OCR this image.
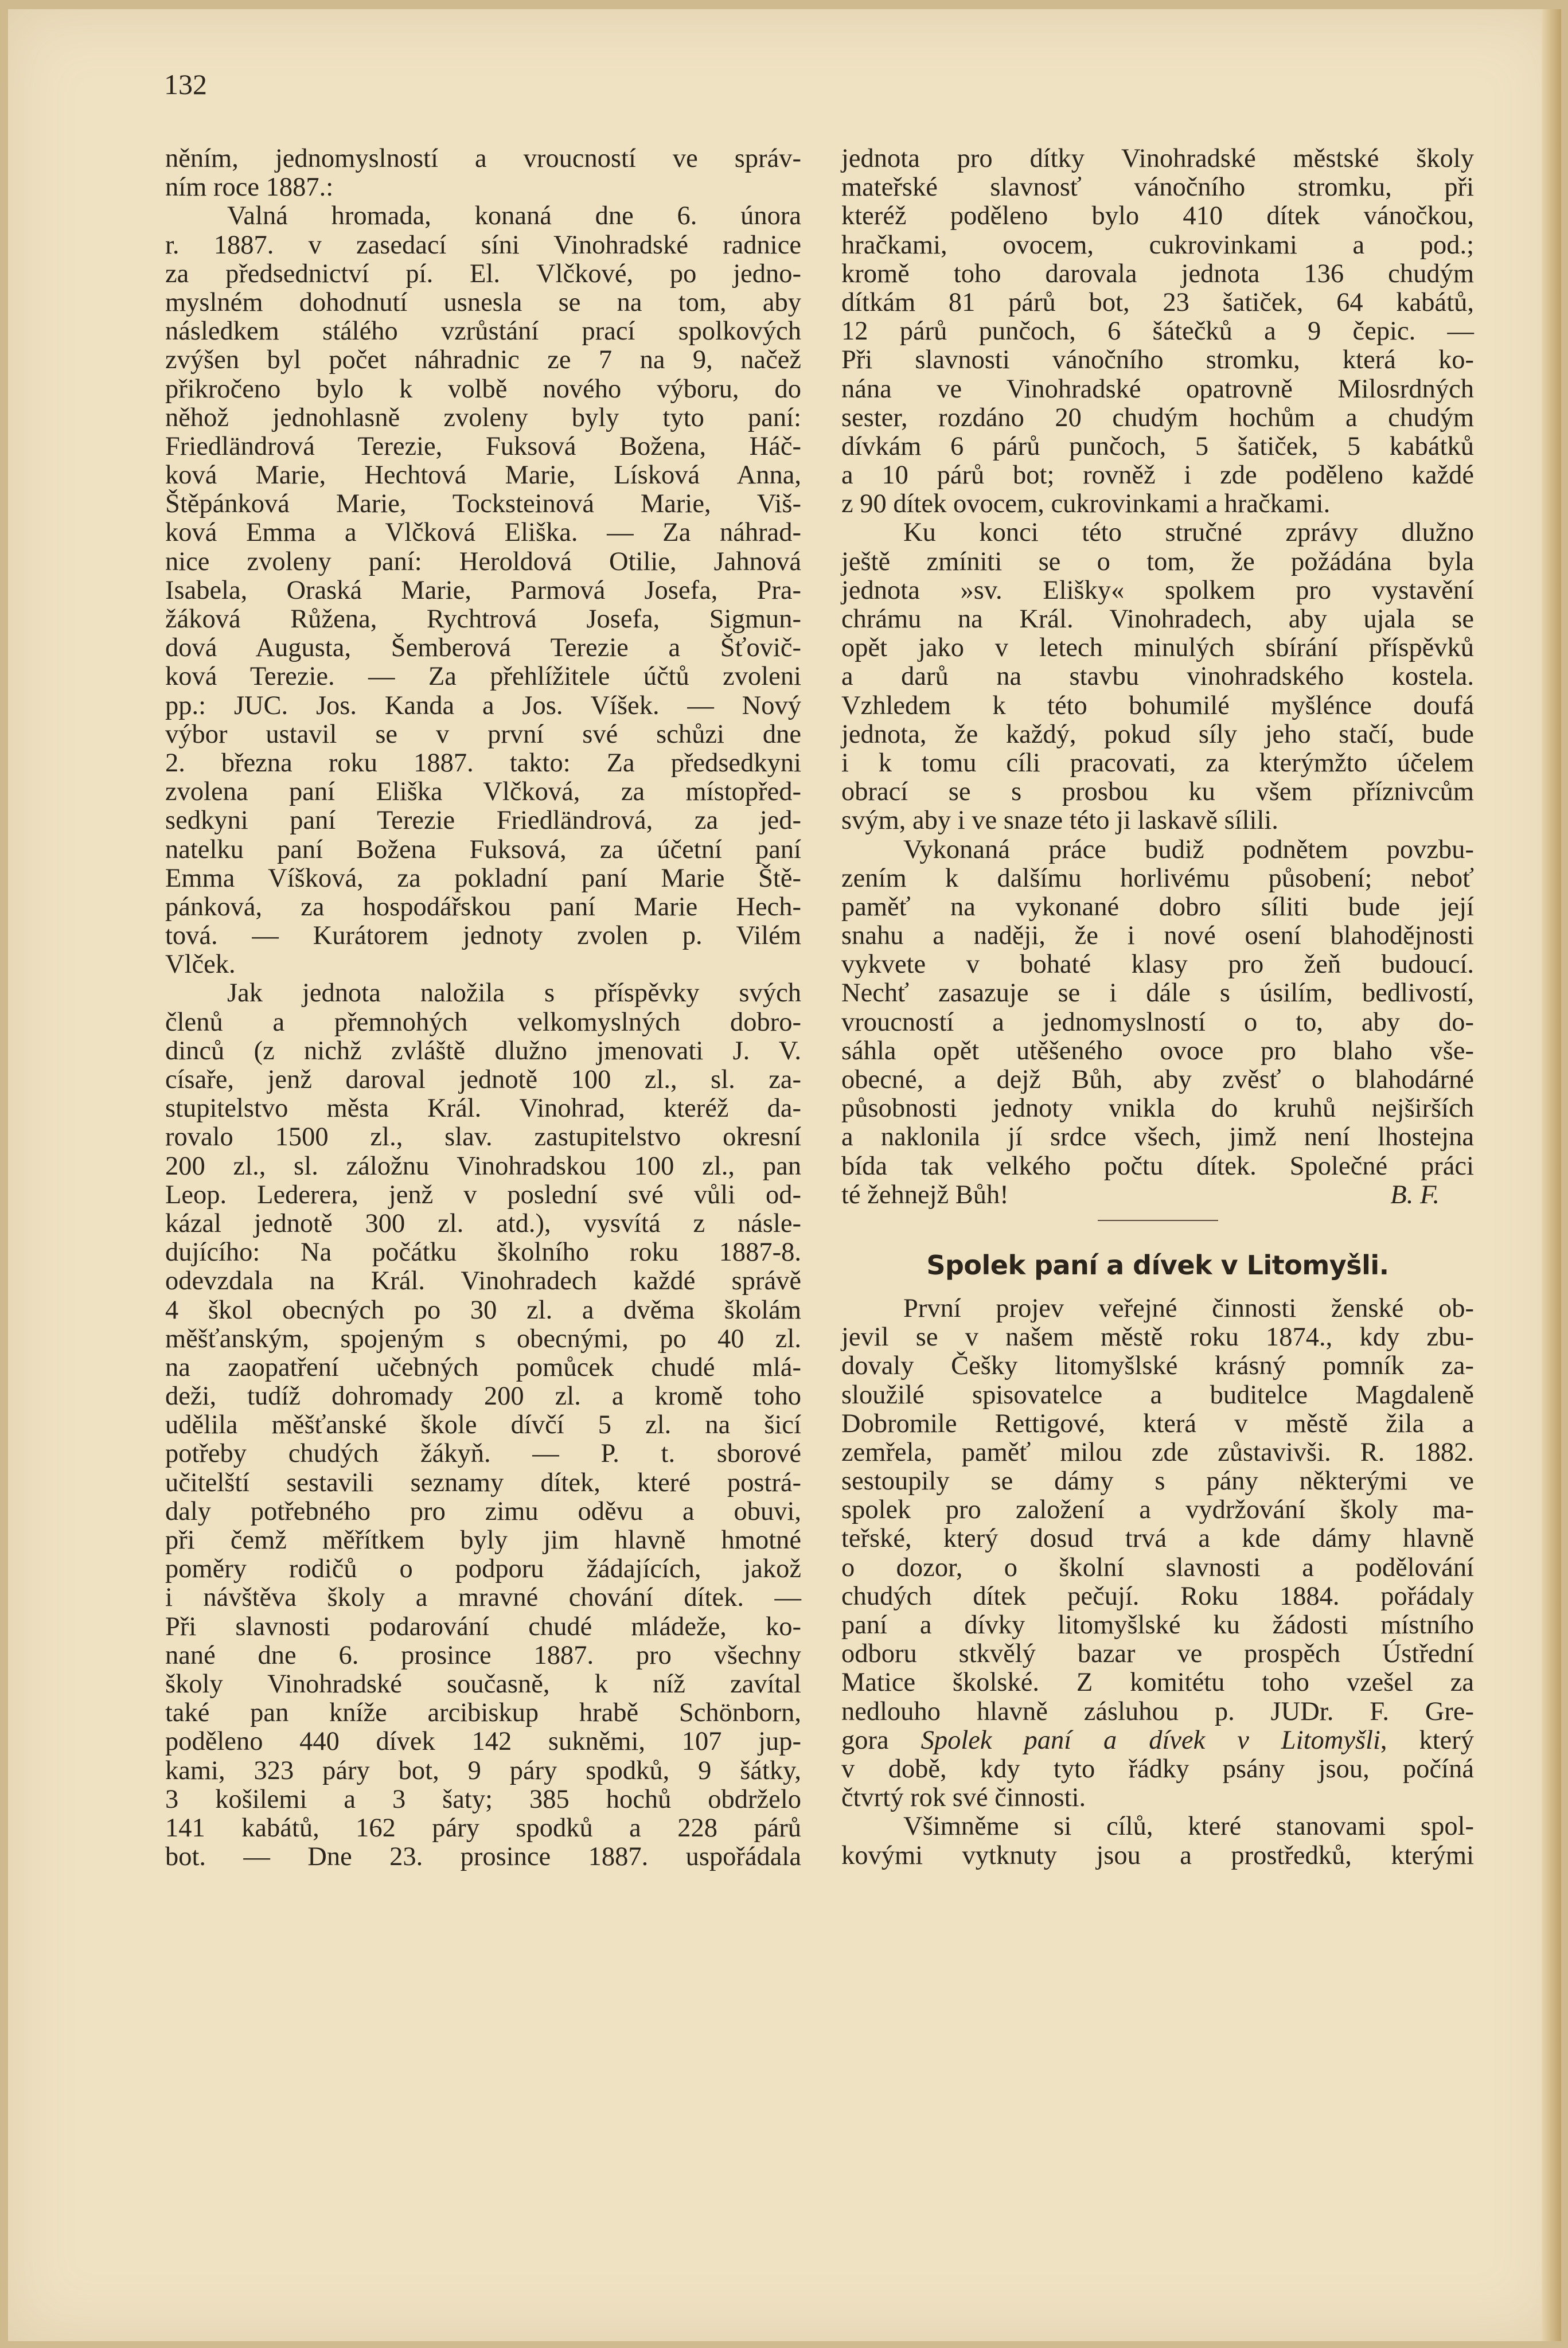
132
něním, jednomyslností a vroucností ve správ-
ním roce 1887.:
Valná hromada, konaná dne 6. února
r. 1887. v zasedací síni Vinohradské radnice
za předsednictví pí. El. Vlčkové, po jedno-
myslném dohodnutí usnesla se na tom, aby
následkem stálého vzrůstání prací spolkových
zvýšen byl počet náhradnic ze 7 na 9, načež
přikročeno bylo k volbě nového výboru, do
něhož jednohlasně zvoleny byly tyto paní:
Friedländrová Terezie, Fuksová Božena, Háč-
ková Marie, Hechtová Marie, Lísková Anna,
Štěpánková Marie, Tocksteinová Marie, Viš-
ková Emma a Vlčková Eliška. — Za náhrad-
nice zvoleny paní: Heroldová Otilie, Jahnová
Isabela, Oraská Marie, Parmová Josefa, Pra-
žáková Růžena, Rychtrová Josefa, Sigmun-
dová Augusta, Šemberová Terezie a Šťovič-
ková Terezie. — Za přehlížitele účtů zvoleni
pp.: JUC. Jos. Kanda a Jos. Víšek. — Nový
výbor ustavil se v první své schůzi dne
2. března roku 1887. takto: Za předsedkyni
zvolena paní Eliška Vlčková, za místopřed-
sedkyni paní Terezie Friedländrová, za jed-
natelku paní Božena Fuksová, za účetní paní
Emma Víšková, za pokladní paní Marie Ště-
pánková, za hospodářskou paní Marie Hech-
tová. — Kurátorem jednoty zvolen p. Vilém
Vlček.
Jak jednota naložila s příspěvky svých
členů a přemnohých velkomyslných dobro-
dinců (z nichž zvláště dlužno jmenovati J. V.
císaře, jenž daroval jednotě 100 zl., sl. za-
stupitelstvo města Král. Vinohrad, kteréž da-
rovalo 1500 zl., slav. zastupitelstvo okresní
200 zl., sl. záložnu Vinohradskou 100 zl., pan
Leop. Lederera, jenž v poslední své vůli od-
kázal jednotě 300 zl. atd.), vysvítá z násle-
dujícího: Na počátku školního roku 1887-8.
odevzdala na Král. Vinohradech každé správě
4 škol obecných po 30 zl. a dvěma školám
měšťanským, spojeným s obecnými, po 40 zl.
na zaopatření učebných pomůcek chudé mlá-
deži, tudíž dohromady 200 zl. a kromě toho
udělila měšťanské škole dívčí 5 zl. na šicí
potřeby chudých žákyň. — P. t. sborové
učitelští sestavili seznamy dítek, které postrá-
daly potřebného pro zimu oděvu a obuvi,
při čemž měřítkem byly jim hlavně hmotné
poměry rodičů o podporu žádajících, jakož
i návštěva školy a mravné chování dítek. —
Při slavnosti podarování chudé mládeže, ko-
nané dne 6. prosince 1887. pro všechny
školy Vinohradské současně, k níž zavítal
také pan kníže arcibiskup hrabě Schönborn,
poděleno 440 dívek 142 sukněmi, 107 jup-
kami, 323 páry bot, 9 páry spodků, 9 šátky,
3 košilemi a 3 šaty; 385 hochů obdrželo
141 kabátů, 162 páry spodků a 228 párů
bot. — Dne 23. prosince 1887. uspořádala
jednota pro dítky Vinohradské městské školy
mateřské slavnosť vánočního stromku, při
kteréž poděleno bylo 410 dítek vánočkou,
hračkami, ovocem, cukrovinkami a pod.;
kromě toho darovala jednota 136 chudým
dítkám 81 párů bot, 23 šatiček, 64 kabátů,
12 párů punčoch, 6 šátečků a 9 čepic. —
Při slavnosti vánočního stromku, která ko-
nána ve Vinohradské opatrovně Milosrdných
sester, rozdáno 20 chudým hochům a chudým
dívkám 6 párů punčoch, 5 šatiček, 5 kabátků
a 10 párů bot; rovněž i zde poděleno každé
z 90 dítek ovocem, cukrovinkami a hračkami.
Ku konci této stručné zprávy dlužno
ještě zmíniti se o tom, že požádána byla
jednota »sv. Elišky« spolkem pro vystavění
chrámu na Král. Vinohradech, aby ujala se
opět jako v letech minulých sbírání příspěvků
a darů na stavbu vinohradského kostela.
Vzhledem k této bohumilé myšlénce doufá
jednota, že každý, pokud síly jeho stačí, bude
i k tomu cíli pracovati, za kterýmžto účelem
obrací se s prosbou ku všem příznivcům
svým, aby i ve snaze této ji laskavě sílili.
Vykonaná práce budiž podnětem povzbu-
zením k dalšímu horlivému působení; neboť
paměť na vykonané dobro síliti bude její
snahu a naději, že i nové osení blahodějnosti
vykvete v bohaté klasy pro žeň budoucí.
Nechť zasazuje se i dále s úsilím, bedlivostí,
vroucností a jednomyslností o to, aby do-
sáhla opět utěšeného ovoce pro blaho vše-
obecné, a dejž Bůh, aby zvěsť o blahodárné
působnosti jednoty vnikla do kruhů nejširších
a naklonila jí srdce všech, jimž není lhostejna
bída tak velkého počtu dítek. Společné práci
té žehnejž Bůh!	B. F.
Spolek paní a dívek v Litomyšli.
První projev veřejné činnosti ženské ob-
jevil se v našem městě roku 1874., kdy zbu-
dovaly Češky litomyšlské krásný pomník za-
sloužilé spisovatelce a buditelce Magdaleně
Dobromile Rettigové, která v městě žila a
zemřela, paměť milou zde zůstavivši. R. 1882.
sestoupily se dámy s pány některými ve
spolek pro založení a vydržování školy ma-
teřské, který dosud trvá a kde dámy hlavně
o dozor, o školní slavnosti a podělování
chudých dítek pečují. Roku 1884. pořádaly
paní a dívky litomyšlské ku žádosti místního
odboru stkvělý bazar ve prospěch Ústřední
Matice školské. Z komitétu toho vzešel za
nedlouho hlavně zásluhou p. JUDr. F. Gre-
gora Spolek paní a dívek v Litomyšli, který
v době, kdy tyto řádky psány jsou, počíná
čtvrtý rok své činnosti.
Všimněme si cílů, které stanovami spol-
kovými vytknuty jsou a prostředků, kterými
